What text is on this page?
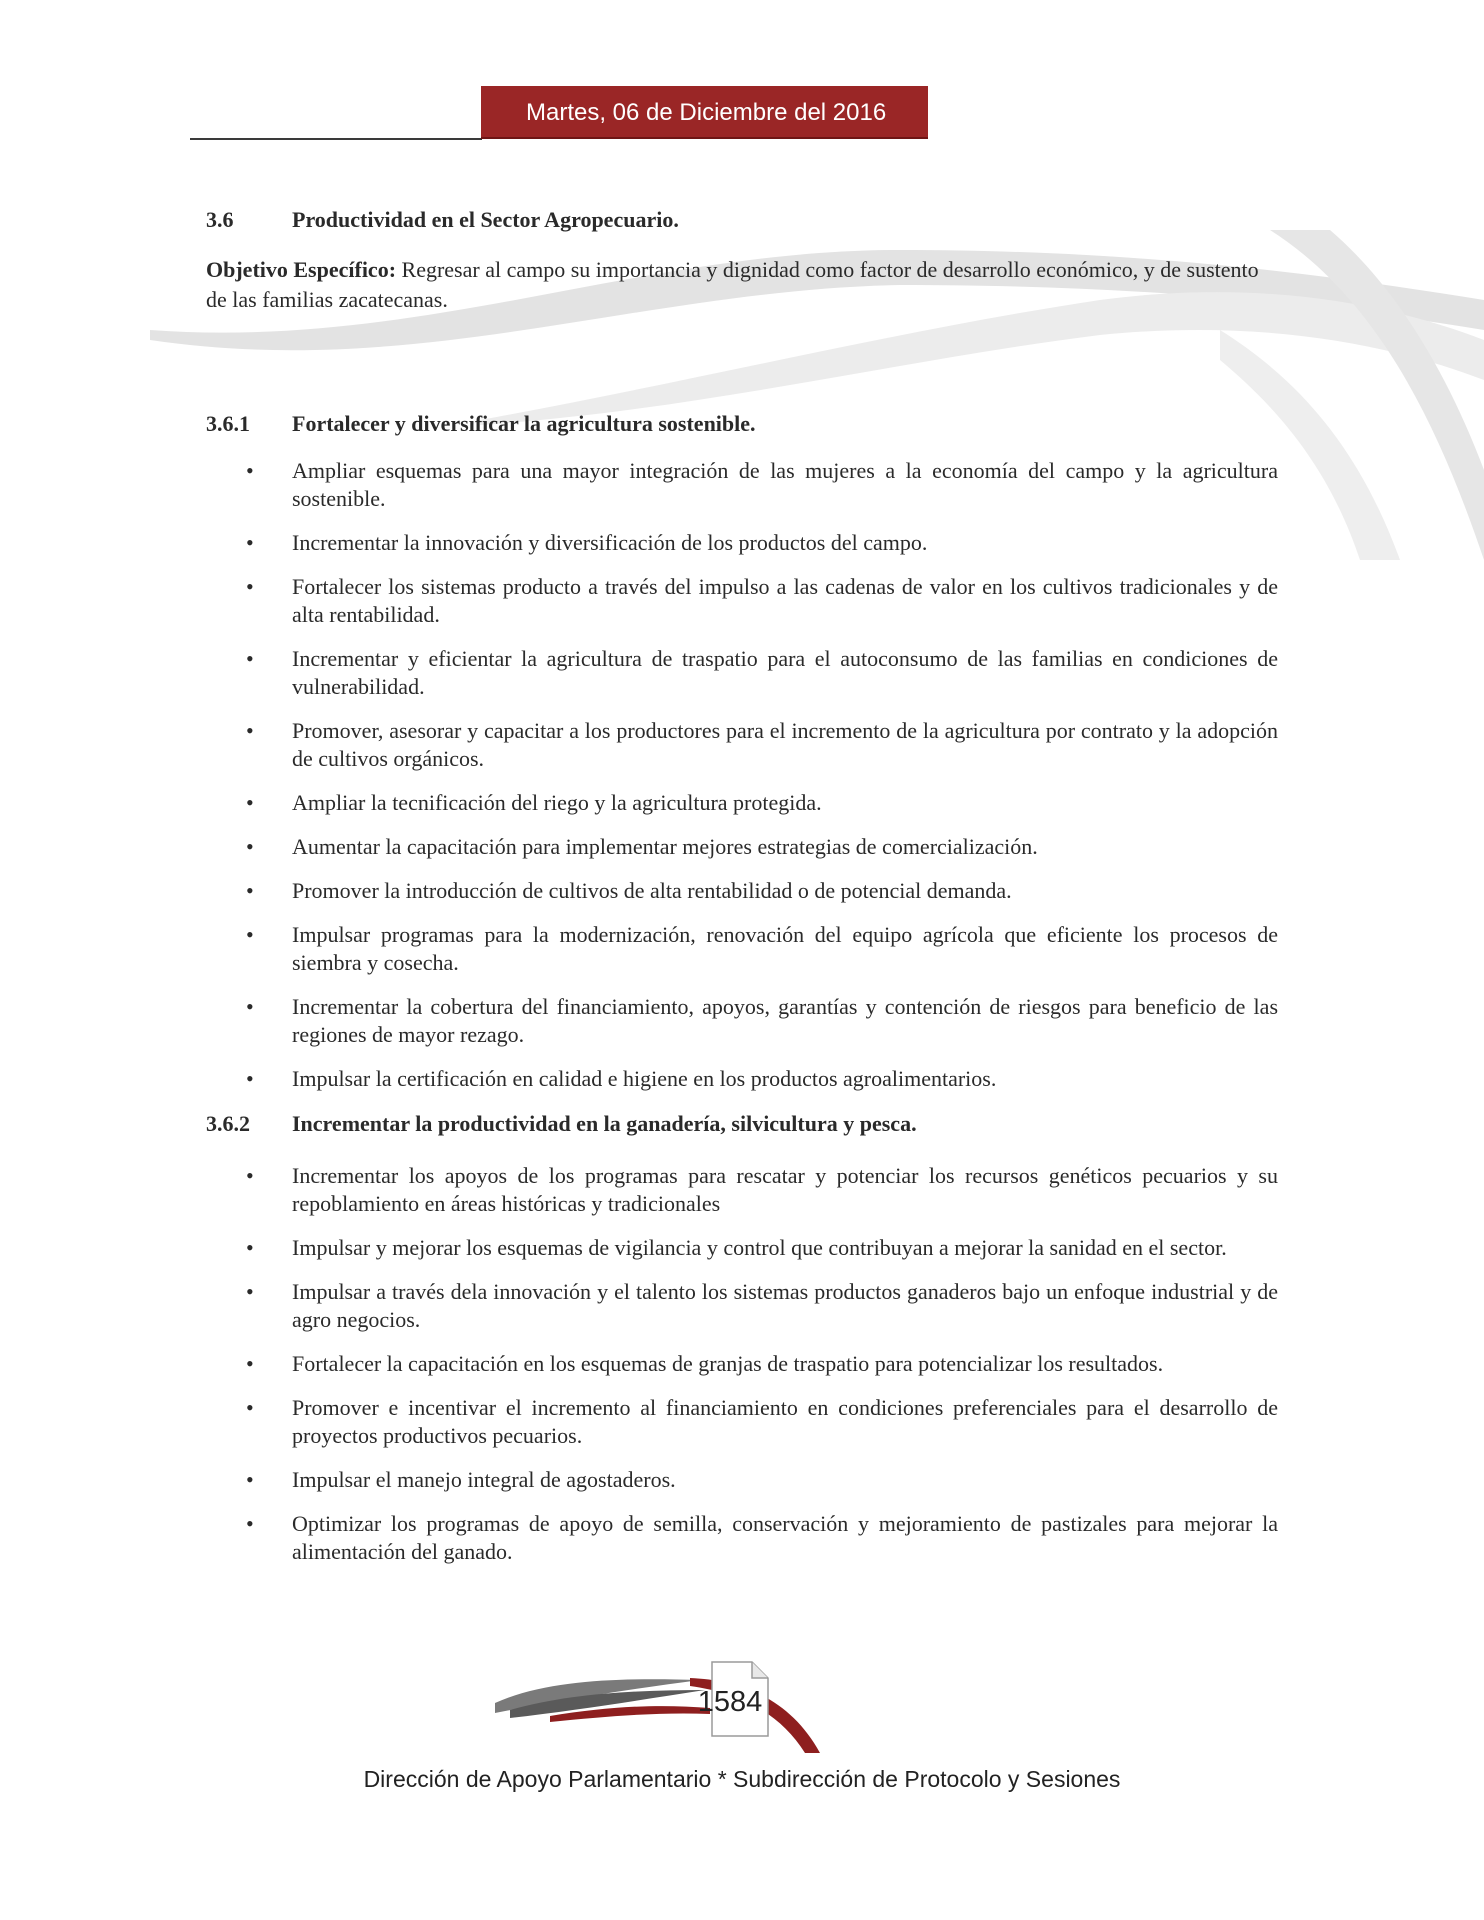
Martes, 06 de Diciembre del 2016
3.6	Productividad en el Sector Agropecuario.
Objetivo Específico: Regresar al campo su importancia y dignidad como factor de desarrollo económico, y de sustento de las familias zacatecanas.
3.6.1	Fortalecer y diversificar la agricultura sostenible.
• Ampliar esquemas para una mayor integración de las mujeres a la economía del campo y la agricultura sostenible.
• Incrementar la innovación y diversificación de los productos del campo.
• Fortalecer los sistemas producto a través del impulso a las cadenas de valor en los cultivos tradicionales y de alta rentabilidad.
• Incrementar y eficientar la agricultura de traspatio para el autoconsumo de las familias en condiciones de vulnerabilidad.
• Promover, asesorar y capacitar a los productores para el incremento de la agricultura por contrato y la adopción de cultivos orgánicos.
• Ampliar la tecnificación del riego y la agricultura protegida.
• Aumentar la capacitación para implementar mejores estrategias de comercialización.
• Promover la introducción de cultivos de alta rentabilidad o de potencial demanda.
• Impulsar programas para la modernización, renovación del equipo agrícola que eficiente los procesos de siembra y cosecha.
• Incrementar la cobertura del financiamiento, apoyos, garantías y contención de riesgos para beneficio de las regiones de mayor rezago.
• Impulsar la certificación en calidad e higiene en los productos agroalimentarios.
3.6.2	Incrementar la productividad en la ganadería, silvicultura y pesca.
• Incrementar los apoyos de los programas para rescatar y potenciar los recursos genéticos pecuarios y su repoblamiento en áreas históricas y tradicionales
• Impulsar y mejorar los esquemas de vigilancia y control que contribuyan a mejorar la sanidad en el sector.
• Impulsar a través dela innovación y el talento los sistemas productos ganaderos bajo un enfoque industrial y de agro negocios.
• Fortalecer la capacitación en los esquemas de granjas de traspatio para potencializar los resultados.
• Promover e incentivar el incremento al financiamiento en condiciones preferenciales para el desarrollo de proyectos productivos pecuarios.
• Impulsar el manejo integral de agostaderos.
• Optimizar los programas de apoyo de semilla, conservación y mejoramiento de pastizales para mejorar la alimentación del ganado.
1584
Dirección de Apoyo Parlamentario * Subdirección de Protocolo y Sesiones
